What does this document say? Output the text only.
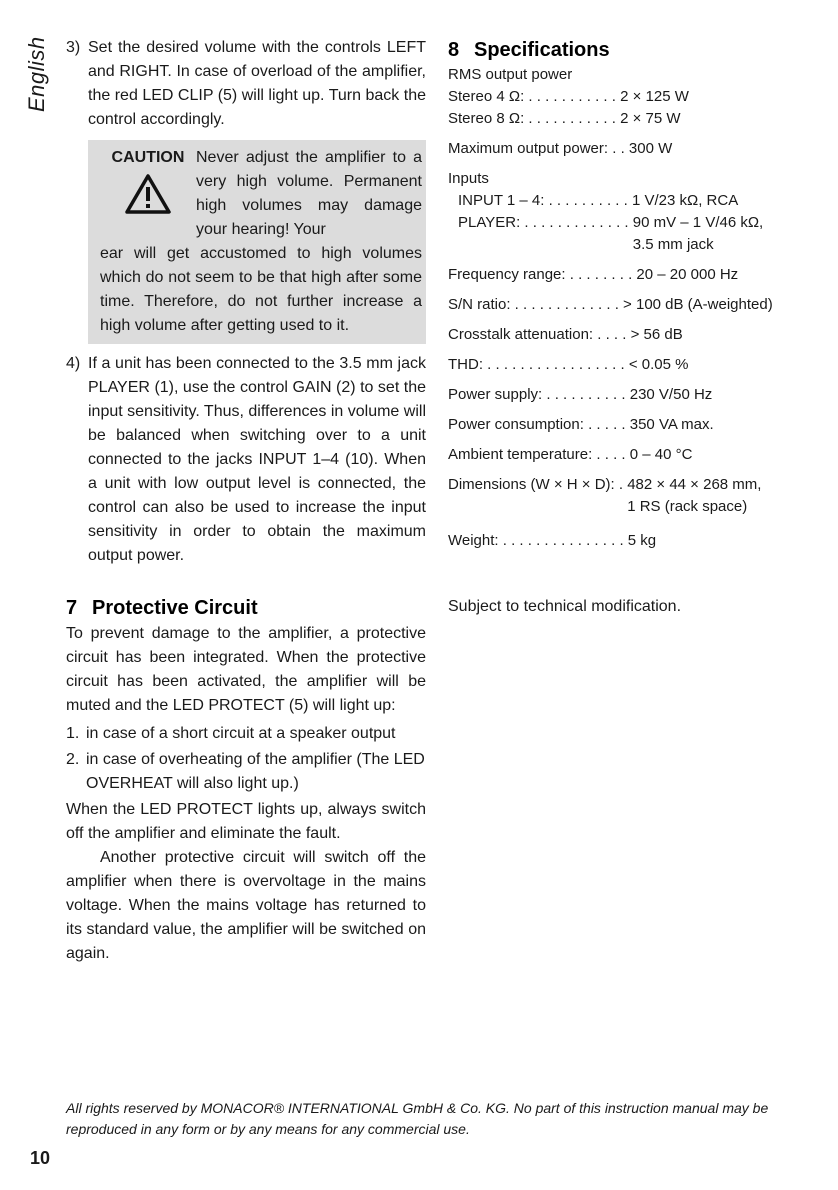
English 3) Set the desired volume with the controls LEFT and RIGHT. In case of overload of the amplifier, the red LED CLIP (5) will light up. Turn back the control accordingly.

CAUTION Never adjust the amplifier to a very high volume. Permanent high volumes may damage your hearing! Your

ear will get accustomed to high volumes which do not seem to be that high after some time. Therefore, do not further increase a high volume after getting used to it.

4) If a unit has been connected to the 3.5 mm jack PLAYER (1), use the control GAIN (2) to set the input sensitivity. Thus, differences in volume will be balanced when switching over to a unit connected to the jacks INPUT 1–4 (10). When a unit with low output level is connected, the control can also be used to increase the input sensitivity in order to obtain the maximum output power.

7 Protective Circuit

To prevent damage to the amplifier, a protective circuit has been integrated. When the protective circuit has been activated, the amplifier will be muted and the LED PROTECT (5) will light up:

1. in case of a short circuit at a speaker output
2. in case of overheating of the amplifier (The LED OVERHEAT will also light up.)

When the LED PROTECT lights up, always switch off the amplifier and eliminate the fault.

Another protective circuit will switch off the amplifier when there is overvoltage in the mains voltage. When the mains voltage has returned to its standard value, the amplifier will be switched on again.

8 Specifications
RMS output power
Stereo 4 Ω: . . . . . . . . . . . 2 × 125 W
Stereo 8 Ω: . . . . . . . . . . . 2 × 75 W
Maximum output power: . . 300 W
Inputs
INPUT 1 – 4: . . . . . . . . . . 1 V/23 kΩ, RCA
PLAYER: . . . . . . . . . . . . . 90 mV – 1 V/46 kΩ,
3.5 mm jack
Frequency range: . . . . . . . . 20 – 20 000 Hz
S/N ratio: . . . . . . . . . . . . . > 100 dB (A-weighted)
Crosstalk attenuation: . . . . > 56 dB
THD: . . . . . . . . . . . . . . . . . < 0.05 %
Power supply: . . . . . . . . . . 230 V/50 Hz
Power consumption: . . . . . 350 VA max.
Ambient temperature: . . . . 0 – 40 °C
Dimensions (W × H × D): . 482 × 44 × 268 mm,
1 RS (rack space)
Weight: . . . . . . . . . . . . . . . 5 kg

Subject to technical modification.

All rights reserved by MONACOR® INTERNATIONAL GmbH & Co. KG. No part of this instruction manual may be reproduced in any form or by any means for any commercial use.
10
